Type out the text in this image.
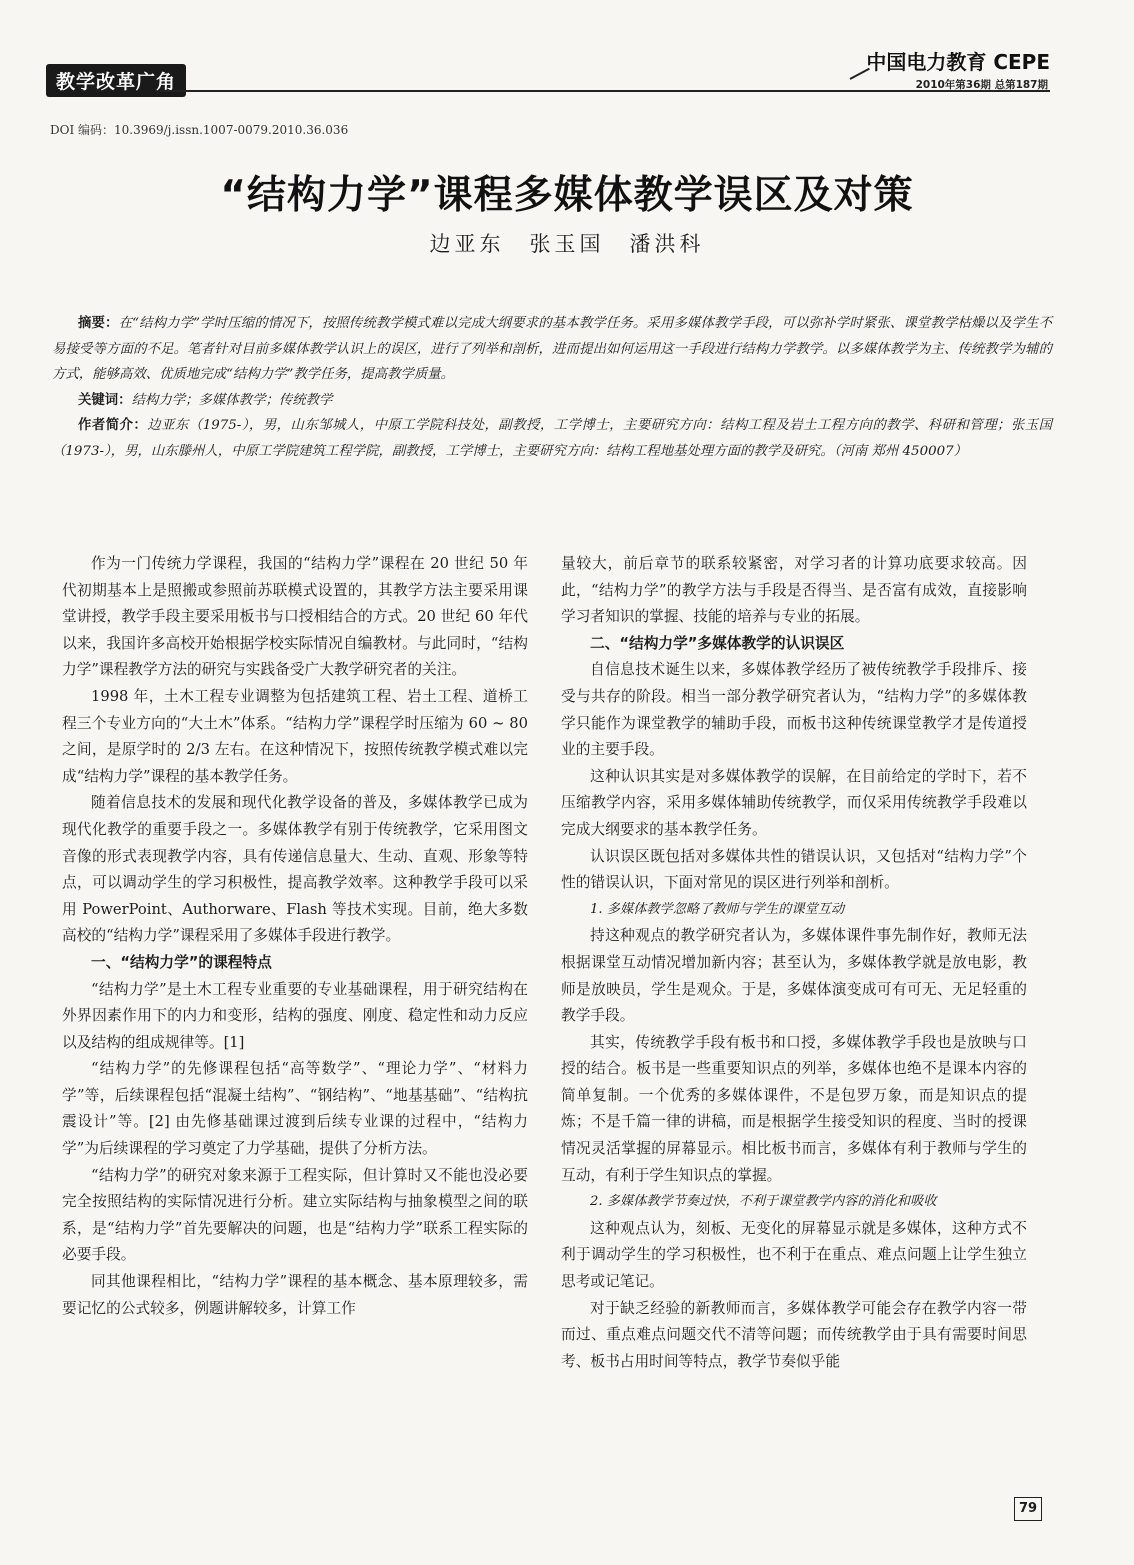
教学改革广角
中国电力教育 CEPE
2010年第36期 总第187期
DOI 编码：10.3969/j.issn.1007-0079.2010.36.036
“结构力学”课程多媒体教学误区及对策
边亚东　张玉国　潘洪科

摘要：在“结构力学”学时压缩的情况下，按照传统教学模式难以完成大纲要求的基本教学任务。采用多媒体教学手段，可以弥补学时紧张、课堂教学枯燥以及学生不易接受等方面的不足。笔者针对目前多媒体教学认识上的误区，进行了列举和剖析，进而提出如何运用这一手段进行结构力学教学。以多媒体教学为主、传统教学为辅的方式，能够高效、优质地完成“结构力学”教学任务，提高教学质量。

关键词：结构力学；多媒体教学；传统教学

作者简介：边亚东（1975-），男，山东邹城人，中原工学院科技处，副教授，工学博士，主要研究方向：结构工程及岩土工程方向的教学、科研和管理；张玉国（1973-），男，山东滕州人，中原工学院建筑工程学院，副教授，工学博士，主要研究方向：结构工程地基处理方面的教学及研究。（河南 郑州 450007）

作为一门传统力学课程，我国的“结构力学”课程在 20 世纪 50 年代初期基本上是照搬或参照前苏联模式设置的，其教学方法主要采用课堂讲授，教学手段主要采用板书与口授相结合的方式。20 世纪 60 年代以来，我国许多高校开始根据学校实际情况自编教材。与此同时，“结构力学”课程教学方法的研究与实践备受广大教学研究者的关注。

1998 年，土木工程专业调整为包括建筑工程、岩土工程、道桥工程三个专业方向的“大土木”体系。“结构力学”课程学时压缩为 60 ~ 80 之间，是原学时的 2/3 左右。在这种情况下，按照传统教学模式难以完成“结构力学”课程的基本教学任务。

随着信息技术的发展和现代化教学设备的普及，多媒体教学已成为现代化教学的重要手段之一。多媒体教学有别于传统教学，它采用图文音像的形式表现教学内容，具有传递信息量大、生动、直观、形象等特点，可以调动学生的学习积极性，提高教学效率。这种教学手段可以采用 PowerPoint、Authorware、Flash 等技术实现。目前，绝大多数高校的“结构力学”课程采用了多媒体手段进行教学。

一、“结构力学”的课程特点

“结构力学”是土木工程专业重要的专业基础课程，用于研究结构在外界因素作用下的内力和变形，结构的强度、刚度、稳定性和动力反应以及结构的组成规律等。[1]

“结构力学”的先修课程包括“高等数学”、“理论力学”、“材料力学”等，后续课程包括“混凝土结构”、“钢结构”、“地基基础”、“结构抗震设计”等。[2] 由先修基础课过渡到后续专业课的过程中，“结构力学”为后续课程的学习奠定了力学基础，提供了分析方法。

“结构力学”的研究对象来源于工程实际，但计算时又不能也没必要完全按照结构的实际情况进行分析。建立实际结构与抽象模型之间的联系，是“结构力学”首先要解决的问题，也是“结构力学”联系工程实际的必要手段。

同其他课程相比，“结构力学”课程的基本概念、基本原理较多，需要记忆的公式较多，例题讲解较多，计算工作

量较大，前后章节的联系较紧密，对学习者的计算功底要求较高。因此，“结构力学”的教学方法与手段是否得当、是否富有成效，直接影响学习者知识的掌握、技能的培养与专业的拓展。

二、“结构力学”多媒体教学的认识误区

自信息技术诞生以来，多媒体教学经历了被传统教学手段排斥、接受与共存的阶段。相当一部分教学研究者认为，“结构力学”的多媒体教学只能作为课堂教学的辅助手段，而板书这种传统课堂教学才是传道授业的主要手段。

这种认识其实是对多媒体教学的误解，在目前给定的学时下，若不压缩教学内容，采用多媒体辅助传统教学，而仅采用传统教学手段难以完成大纲要求的基本教学任务。

认识误区既包括对多媒体共性的错误认识，又包括对“结构力学”个性的错误认识，下面对常见的误区进行列举和剖析。

1. 多媒体教学忽略了教师与学生的课堂互动

持这种观点的教学研究者认为，多媒体课件事先制作好，教师无法根据课堂互动情况增加新内容；甚至认为，多媒体教学就是放电影，教师是放映员，学生是观众。于是，多媒体演变成可有可无、无足轻重的教学手段。

其实，传统教学手段有板书和口授，多媒体教学手段也是放映与口授的结合。板书是一些重要知识点的列举，多媒体也绝不是课本内容的简单复制。一个优秀的多媒体课件，不是包罗万象，而是知识点的提炼；不是千篇一律的讲稿，而是根据学生接受知识的程度、当时的授课情况灵活掌握的屏幕显示。相比板书而言，多媒体有利于教师与学生的互动，有利于学生知识点的掌握。

2. 多媒体教学节奏过快，不利于课堂教学内容的消化和吸收

这种观点认为，刻板、无变化的屏幕显示就是多媒体，这种方式不利于调动学生的学习积极性，也不利于在重点、难点问题上让学生独立思考或记笔记。

对于缺乏经验的新教师而言，多媒体教学可能会存在教学内容一带而过、重点难点问题交代不清等问题；而传统教学由于具有需要时间思考、板书占用时间等特点，教学节奏似乎能

79
